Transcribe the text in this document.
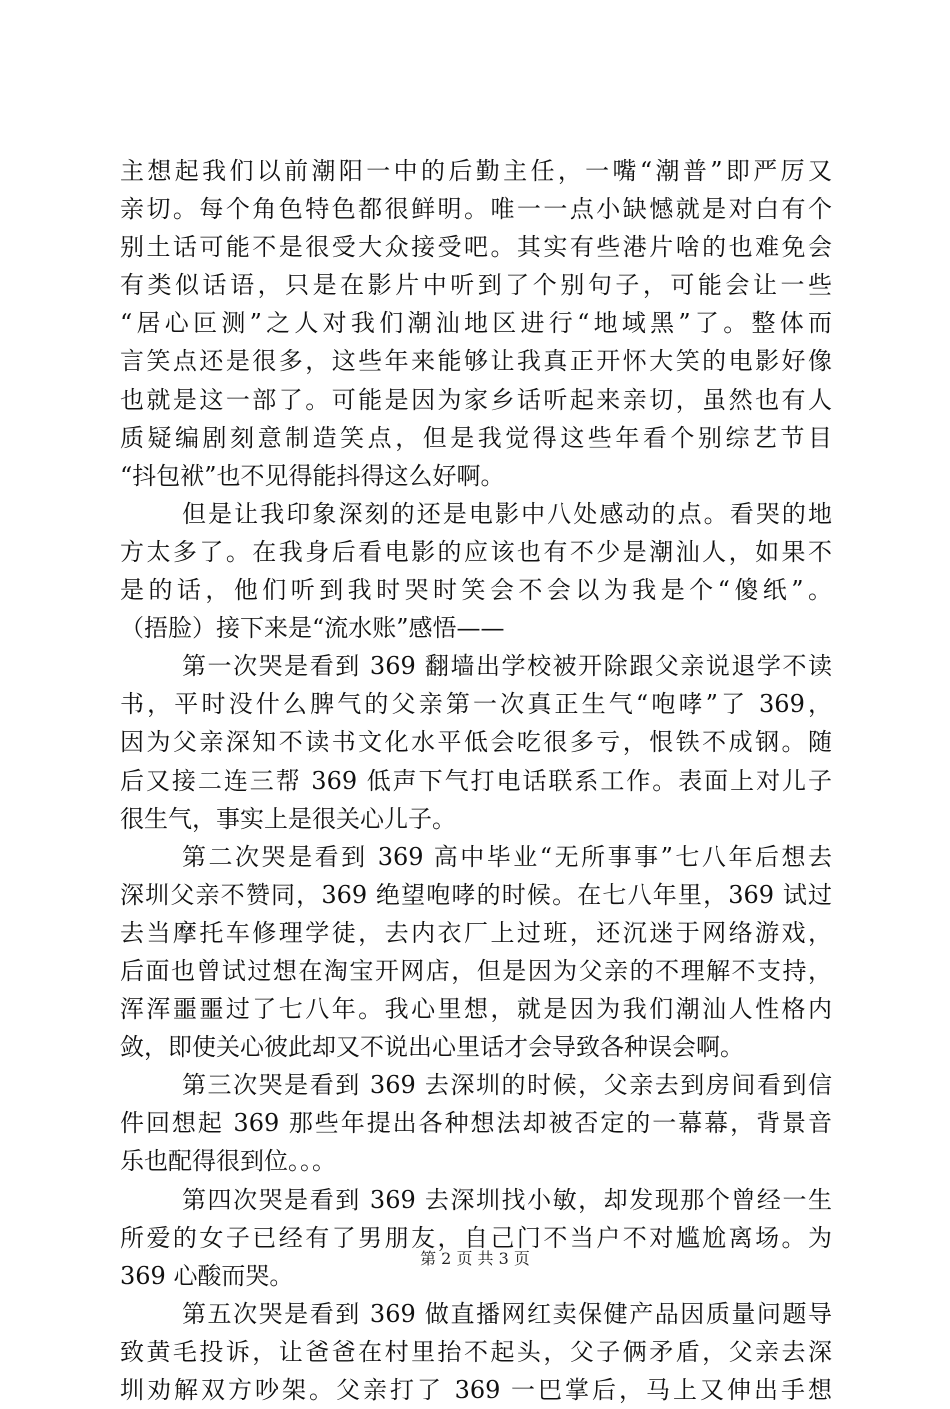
主想起我们以前潮阳一中的后勤主任，一嘴“潮普”即严厉又
亲切。每个角色特色都很鲜明。唯一一点小缺憾就是对白有个
别土话可能不是很受大众接受吧。其实有些港片啥的也难免会
有类似话语，只是在影片中听到了个别句子，可能会让一些
“居心叵测”之人对我们潮汕地区进行“地域黑”了。整体而
言笑点还是很多，这些年来能够让我真正开怀大笑的电影好像
也就是这一部了。可能是因为家乡话听起来亲切，虽然也有人
质疑编剧刻意制造笑点，但是我觉得这些年看个别综艺节目
“抖包袱”也不见得能抖得这么好啊。
但是让我印象深刻的还是电影中八处感动的点。看哭的地
方太多了。在我身后看电影的应该也有不少是潮汕人，如果不
是的话，他们听到我时哭时笑会不会以为我是个“傻纸”。
（捂脸）接下来是“流水账”感悟——
第一次哭是看到 369 翻墙出学校被开除跟父亲说退学不读
书，平时没什么脾气的父亲第一次真正生气“咆哮”了 369，
因为父亲深知不读书文化水平低会吃很多亏，恨铁不成钢。随
后又接二连三帮 369 低声下气打电话联系工作。表面上对儿子
很生气，事实上是很关心儿子。
第二次哭是看到 369 高中毕业“无所事事”七八年后想去
深圳父亲不赞同，369 绝望咆哮的时候。在七八年里，369 试过
去当摩托车修理学徒，去内衣厂上过班，还沉迷于网络游戏，
后面也曾试过想在淘宝开网店，但是因为父亲的不理解不支持，
浑浑噩噩过了七八年。我心里想，就是因为我们潮汕人性格内
敛，即使关心彼此却又不说出心里话才会导致各种误会啊。
第三次哭是看到 369 去深圳的时候，父亲去到房间看到信
件回想起 369 那些年提出各种想法却被否定的一幕幕，背景音
乐也配得很到位。。。
第四次哭是看到 369 去深圳找小敏，却发现那个曾经一生
所爱的女子已经有了男朋友，自己门不当户不对尴尬离场。为
369 心酸而哭。
第五次哭是看到 369 做直播网红卖保健产品因质量问题导
致黄毛投诉，让爸爸在村里抬不起头，父子俩矛盾，父亲去深
圳劝解双方吵架。父亲打了 369 一巴掌后，马上又伸出手想
第 2 页 共 3 页
